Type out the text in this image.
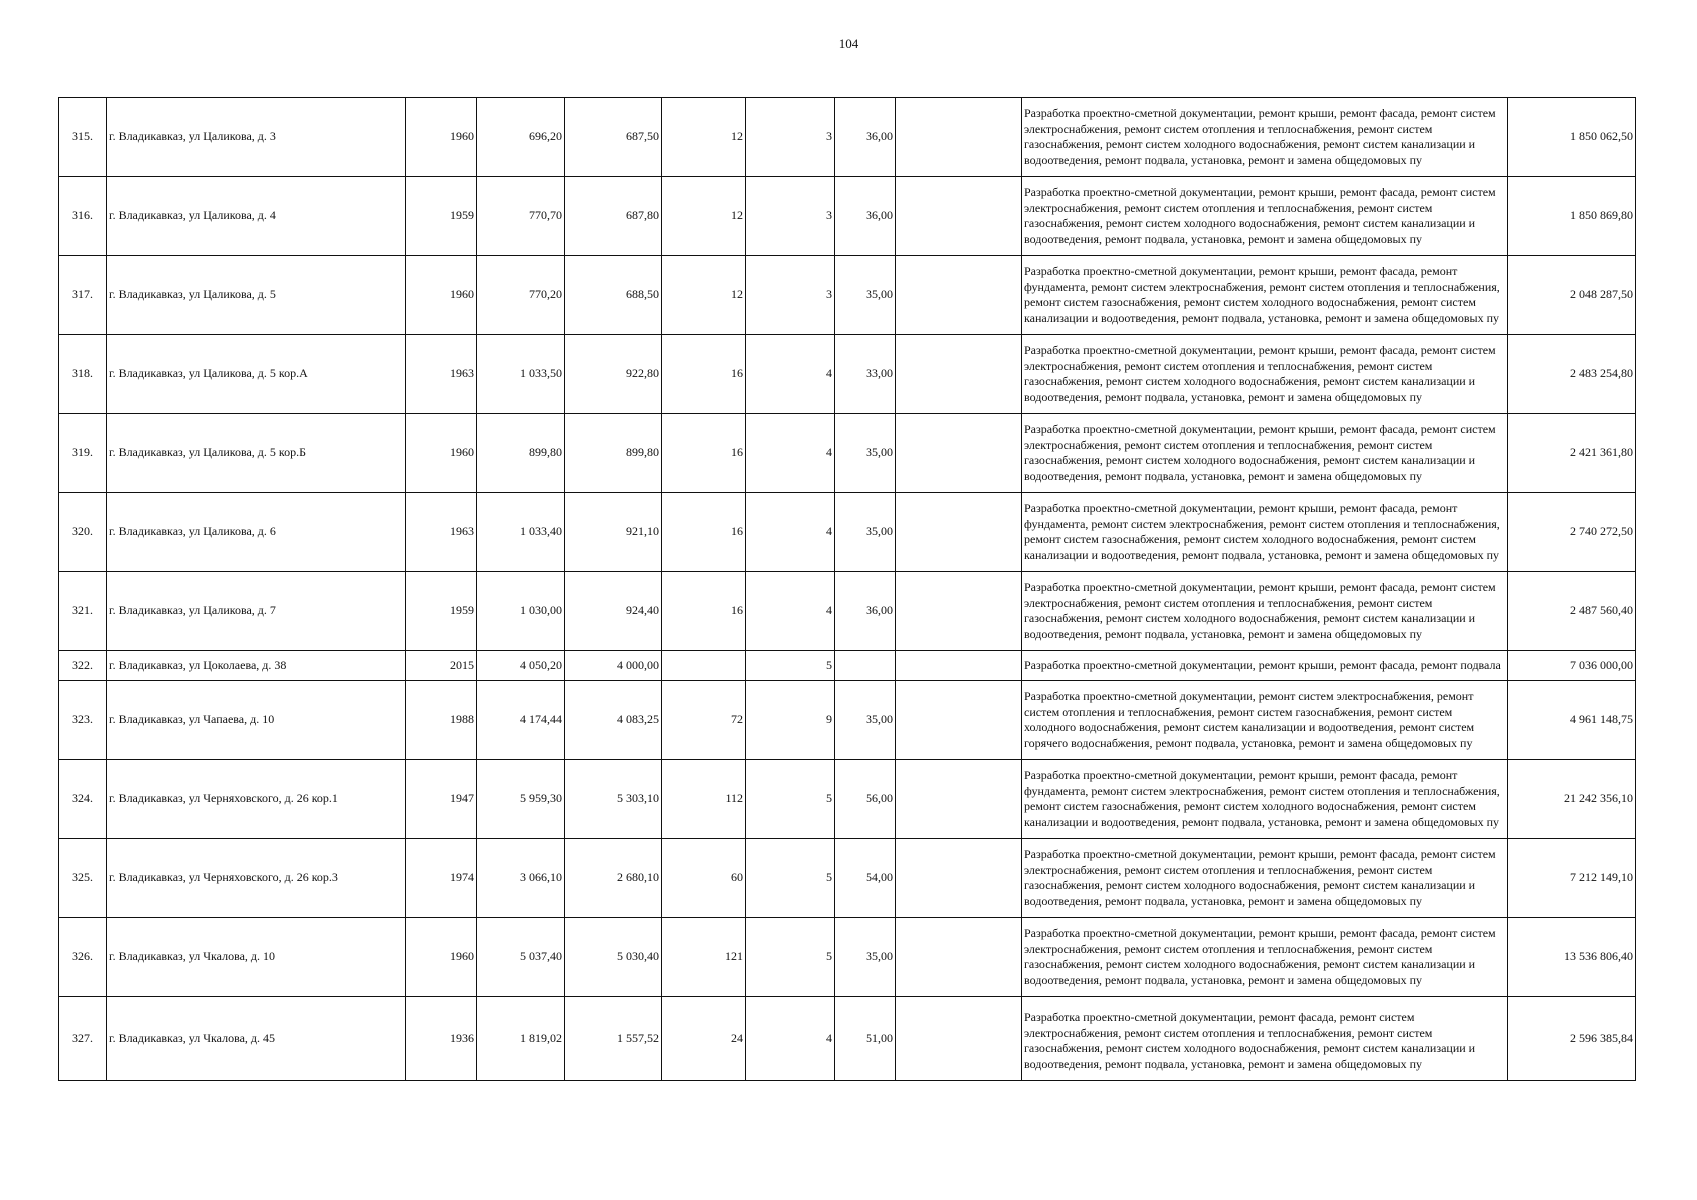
104
315.	г. Владикавказ, ул Цаликова, д. 3	1960	696,20	687,50	12	3	36,00		Разработка проектно-сметной документации, ремонт крыши, ремонт фасада, ремонт систем электроснабжения, ремонт систем отопления и теплоснабжения, ремонт систем газоснабжения, ремонт систем холодного водоснабжения, ремонт систем канализации и водоотведения, ремонт подвала, установка, ремонт и замена общедомовых пу	1 850 062,50
316.	г. Владикавказ, ул Цаликова, д. 4	1959	770,70	687,80	12	3	36,00		Разработка проектно-сметной документации, ремонт крыши, ремонт фасада, ремонт систем электроснабжения, ремонт систем отопления и теплоснабжения, ремонт систем газоснабжения, ремонт систем холодного водоснабжения, ремонт систем канализации и водоотведения, ремонт подвала, установка, ремонт и замена общедомовых пу	1 850 869,80
317.	г. Владикавказ, ул Цаликова, д. 5	1960	770,20	688,50	12	3	35,00		Разработка проектно-сметной документации, ремонт крыши, ремонт фасада, ремонт фундамента, ремонт систем электроснабжения, ремонт систем отопления и теплоснабжения, ремонт систем газоснабжения, ремонт систем холодного водоснабжения, ремонт систем канализации и водоотведения, ремонт подвала, установка, ремонт и замена общедомовых пу	2 048 287,50
318.	г. Владикавказ, ул Цаликова, д. 5 кор.А	1963	1 033,50	922,80	16	4	33,00		Разработка проектно-сметной документации, ремонт крыши, ремонт фасада, ремонт систем электроснабжения, ремонт систем отопления и теплоснабжения, ремонт систем газоснабжения, ремонт систем холодного водоснабжения, ремонт систем канализации и водоотведения, ремонт подвала, установка, ремонт и замена общедомовых пу	2 483 254,80
319.	г. Владикавказ, ул Цаликова, д. 5 кор.Б	1960	899,80	899,80	16	4	35,00		Разработка проектно-сметной документации, ремонт крыши, ремонт фасада, ремонт систем электроснабжения, ремонт систем отопления и теплоснабжения, ремонт систем газоснабжения, ремонт систем холодного водоснабжения, ремонт систем канализации и водоотведения, ремонт подвала, установка, ремонт и замена общедомовых пу	2 421 361,80
320.	г. Владикавказ, ул Цаликова, д. 6	1963	1 033,40	921,10	16	4	35,00		Разработка проектно-сметной документации, ремонт крыши, ремонт фасада, ремонт фундамента, ремонт систем электроснабжения, ремонт систем отопления и теплоснабжения, ремонт систем газоснабжения, ремонт систем холодного водоснабжения, ремонт систем канализации и водоотведения, ремонт подвала, установка, ремонт и замена общедомовых пу	2 740 272,50
321.	г. Владикавказ, ул Цаликова, д. 7	1959	1 030,00	924,40	16	4	36,00		Разработка проектно-сметной документации, ремонт крыши, ремонт фасада, ремонт систем электроснабжения, ремонт систем отопления и теплоснабжения, ремонт систем газоснабжения, ремонт систем холодного водоснабжения, ремонт систем канализации и водоотведения, ремонт подвала, установка, ремонт и замена общедомовых пу	2 487 560,40
322.	г. Владикавказ, ул Цоколаева, д. 38	2015	4 050,20	4 000,00		5			Разработка проектно-сметной документации, ремонт крыши, ремонт фасада, ремонт подвала	7 036 000,00
323.	г. Владикавказ, ул Чапаева, д. 10	1988	4 174,44	4 083,25	72	9	35,00		Разработка проектно-сметной документации, ремонт систем электроснабжения, ремонт систем отопления и теплоснабжения, ремонт систем газоснабжения, ремонт систем холодного водоснабжения, ремонт систем канализации и водоотведения, ремонт систем горячего водоснабжения, ремонт подвала, установка, ремонт и замена общедомовых пу	4 961 148,75
324.	г. Владикавказ, ул Черняховского, д. 26 кор.1	1947	5 959,30	5 303,10	112	5	56,00		Разработка проектно-сметной документации, ремонт крыши, ремонт фасада, ремонт фундамента, ремонт систем электроснабжения, ремонт систем отопления и теплоснабжения, ремонт систем газоснабжения, ремонт систем холодного водоснабжения, ремонт систем канализации и водоотведения, ремонт подвала, установка, ремонт и замена общедомовых пу	21 242 356,10
325.	г. Владикавказ, ул Черняховского, д. 26 кор.3	1974	3 066,10	2 680,10	60	5	54,00		Разработка проектно-сметной документации, ремонт крыши, ремонт фасада, ремонт систем электроснабжения, ремонт систем отопления и теплоснабжения, ремонт систем газоснабжения, ремонт систем холодного водоснабжения, ремонт систем канализации и водоотведения, ремонт подвала, установка, ремонт и замена общедомовых пу	7 212 149,10
326.	г. Владикавказ, ул Чкалова, д. 10	1960	5 037,40	5 030,40	121	5	35,00		Разработка проектно-сметной документации, ремонт крыши, ремонт фасада, ремонт систем электроснабжения, ремонт систем отопления и теплоснабжения, ремонт систем газоснабжения, ремонт систем холодного водоснабжения, ремонт систем канализации и водоотведения, ремонт подвала, установка, ремонт и замена общедомовых пу	13 536 806,40
327.	г. Владикавказ, ул Чкалова, д. 45	1936	1 819,02	1 557,52	24	4	51,00		Разработка проектно-сметной документации, ремонт фасада, ремонт систем электроснабжения, ремонт систем отопления и теплоснабжения, ремонт систем газоснабжения, ремонт систем холодного водоснабжения, ремонт систем канализации и водоотведения, ремонт подвала, установка, ремонт и замена общедомовых пу	2 596 385,84
